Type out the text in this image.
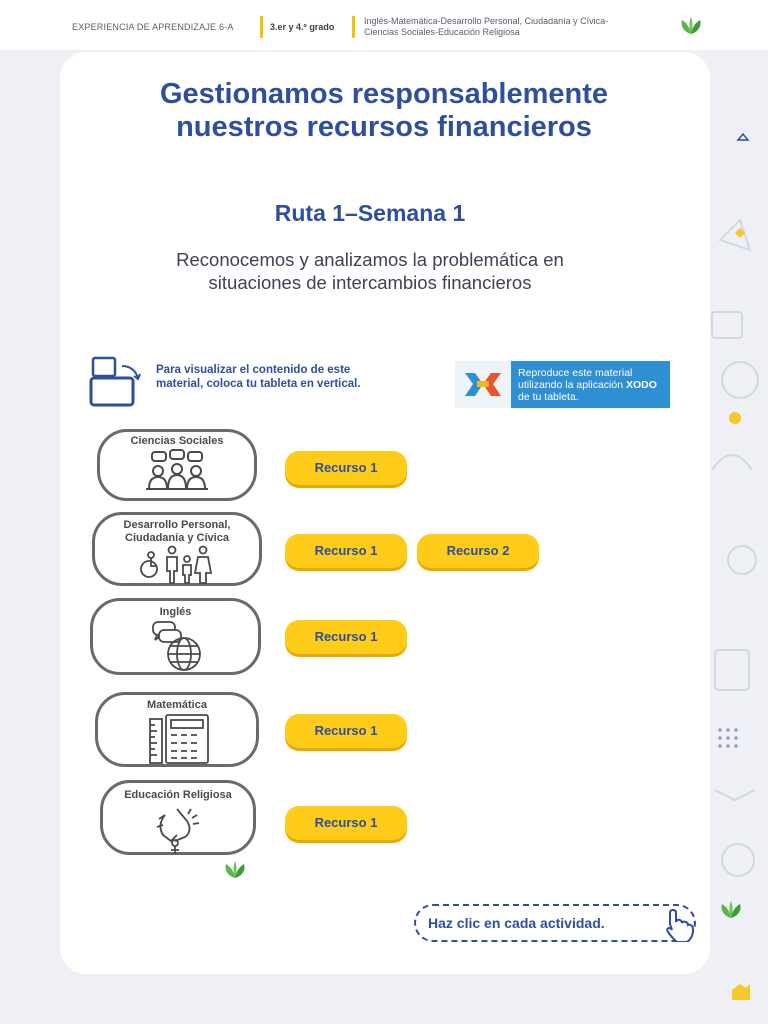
EXPERIENCIA DE APRENDIZAJE 6-A	3.er y 4.º grado
Inglés-Matemática-Desarrollo Personal, Ciudadanía y Cívica-Ciencias Sociales-Educación Religiosa
Gestionamos responsablemente nuestros recursos financieros
Ruta 1–Semana 1
Reconocemos y analizamos la problemática en situaciones de intercambios financieros
Para visualizar el contenido de este material, coloca tu tableta en vertical.
Reproduce este material utilizando la aplicación XODO de tu tableta.
Ciencias Sociales
Recurso 1
Desarrollo Personal, Ciudadanía y Cívica
Recurso 1	Recurso 2
Inglés
Recurso 1
Matemática
Recurso 1
Educación Religiosa
Recurso 1
Haz clic en cada actividad.
